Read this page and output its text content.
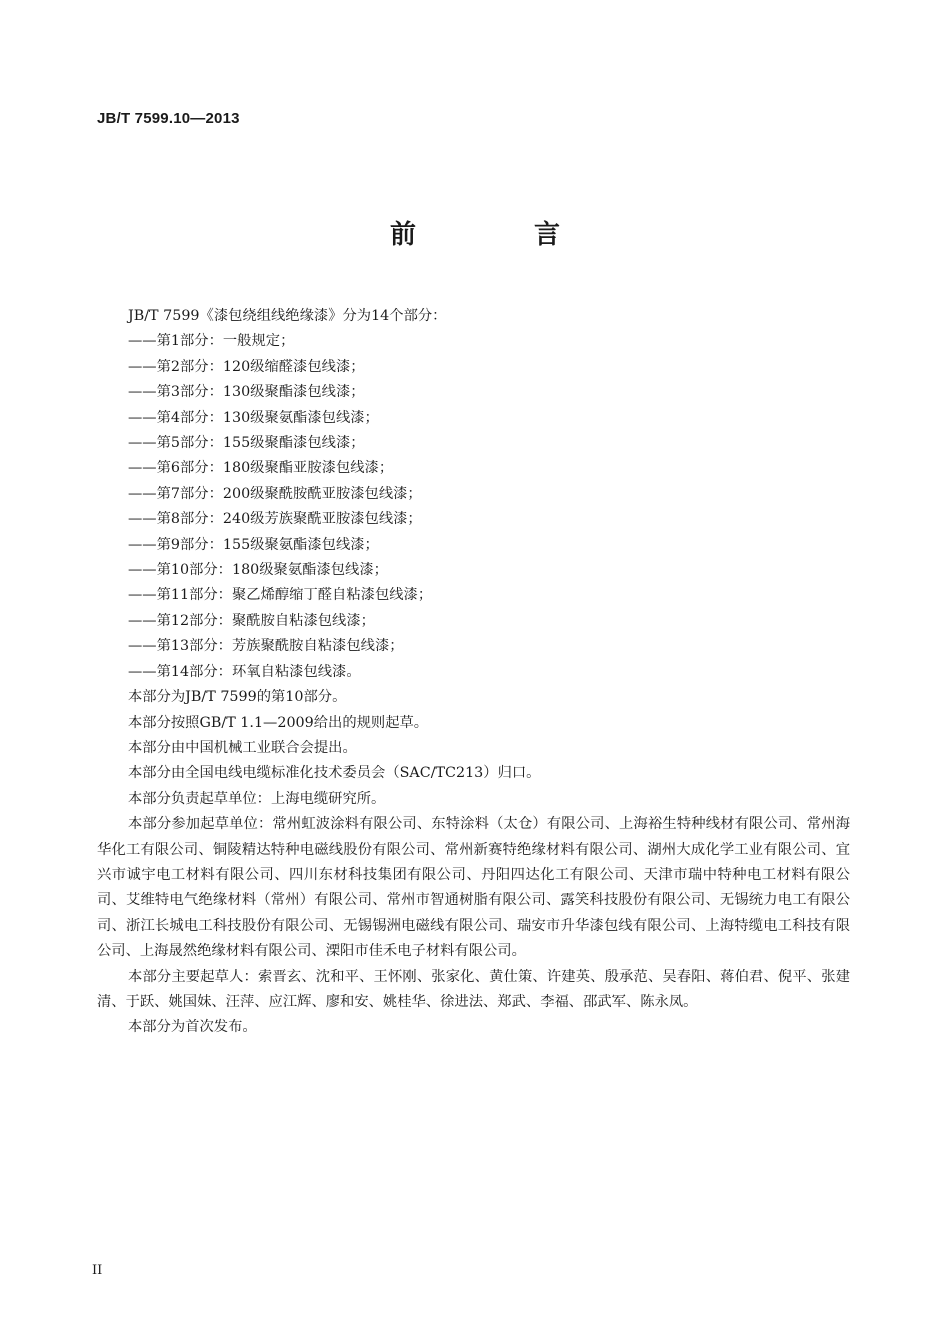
JB/T 7599.10—2013
前　言
JB/T 7599《漆包绕组线绝缘漆》分为14个部分：
——第1部分：一般规定；
——第2部分：120级缩醛漆包线漆；
——第3部分：130级聚酯漆包线漆；
——第4部分：130级聚氨酯漆包线漆；
——第5部分：155级聚酯漆包线漆；
——第6部分：180级聚酯亚胺漆包线漆；
——第7部分：200级聚酰胺酰亚胺漆包线漆；
——第8部分：240级芳族聚酰亚胺漆包线漆；
——第9部分：155级聚氨酯漆包线漆；
——第10部分：180级聚氨酯漆包线漆；
——第11部分：聚乙烯醇缩丁醛自粘漆包线漆；
——第12部分：聚酰胺自粘漆包线漆；
——第13部分：芳族聚酰胺自粘漆包线漆；
——第14部分：环氧自粘漆包线漆。
本部分为JB/T 7599的第10部分。
本部分按照GB/T 1.1—2009给出的规则起草。
本部分由中国机械工业联合会提出。
本部分由全国电线电缆标准化技术委员会（SAC/TC213）归口。
本部分负责起草单位：上海电缆研究所。
本部分参加起草单位：常州虹波涂料有限公司、东特涂料（太仓）有限公司、上海裕生特种线材有限公司、常州海华化工有限公司、铜陵精达特种电磁线股份有限公司、常州新赛特绝缘材料有限公司、湖州大成化学工业有限公司、宜兴市诚宇电工材料有限公司、四川东材科技集团有限公司、丹阳四达化工有限公司、天津市瑞中特种电工材料有限公司、艾维特电气绝缘材料（常州）有限公司、常州市智通树脂有限公司、露笑科技股份有限公司、无锡统力电工有限公司、浙江长城电工科技股份有限公司、无锡锡洲电磁线有限公司、瑞安市升华漆包线有限公司、上海特缆电工科技有限公司、上海晟然绝缘材料有限公司、溧阳市佳禾电子材料有限公司。
本部分主要起草人：索晋玄、沈和平、王怀刚、张家化、黄仕策、许建英、殷承范、吴春阳、蒋伯君、倪平、张建清、于跃、姚国妹、汪萍、应江辉、廖和安、姚桂华、徐进法、郑武、李福、邵武军、陈永凤。
本部分为首次发布。
II
